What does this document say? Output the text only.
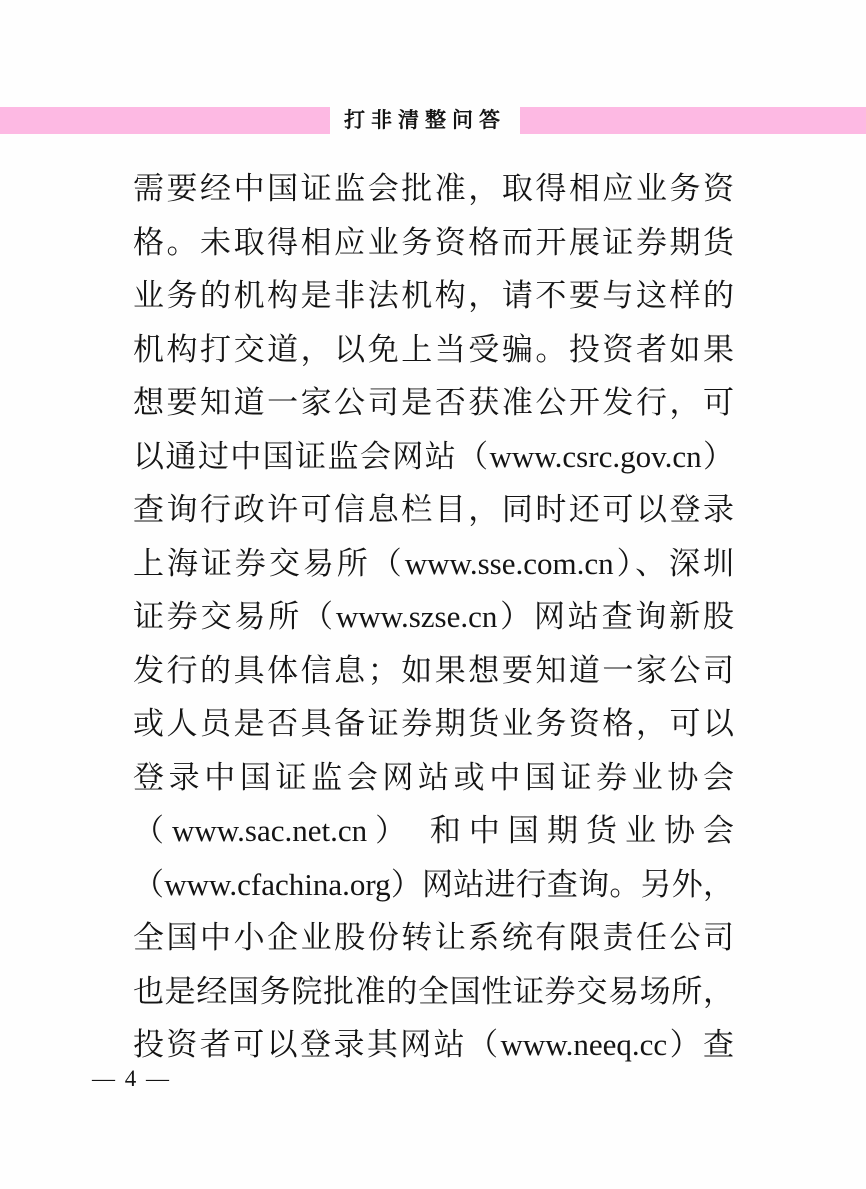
打非清整问答
需要经中国证监会批准，取得相应业务资
格。未取得相应业务资格而开展证券期货
业务的机构是非法机构，请不要与这样的
机构打交道，以免上当受骗。投资者如果
想要知道一家公司是否获准公开发行，可
以通过中国证监会网站（www.csrc.gov.cn）
查询行政许可信息栏目，同时还可以登录
上海证券交易所（www.sse.com.cn）、深圳
证券交易所（www.szse.cn）网站查询新股
发行的具体信息；如果想要知道一家公司
或人员是否具备证券期货业务资格，可以
登录中国证监会网站或中国证券业协会
（www.sac.net.cn） 和中国期货业协会
（www.cfachina.org）网站进行查询。另外，
全国中小企业股份转让系统有限责任公司
也是经国务院批准的全国性证券交易场所，
投资者可以登录其网站（www.neeq.cc）查
— 4 —
